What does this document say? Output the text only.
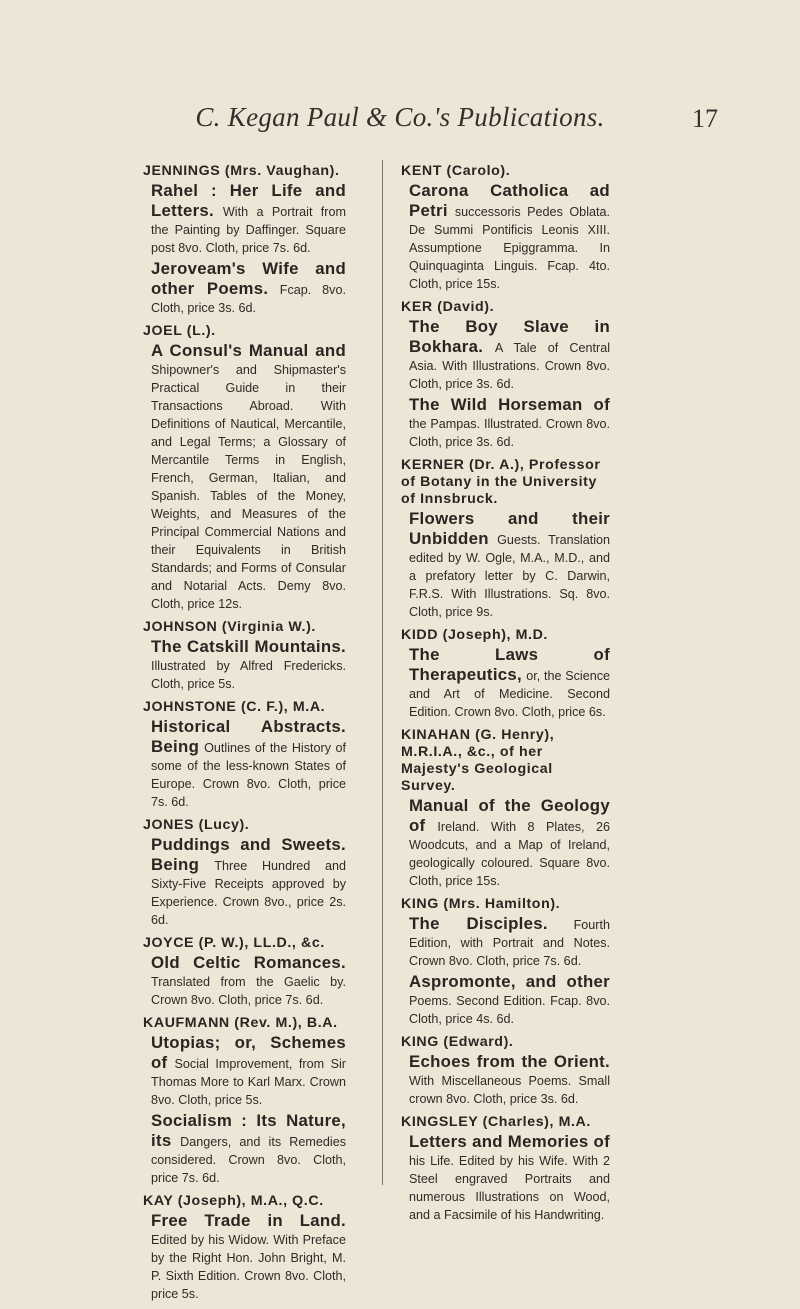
C. Kegan Paul & Co.'s Publications.	17
JENNINGS (Mrs. Vaughan).

Rahel : Her Life and Letters. With a Portrait from the Painting by Daffinger. Square post 8vo. Cloth, price 7s. 6d.

Jeroveam's Wife and other Poems. Fcap. 8vo. Cloth, price 3s. 6d.

JOEL (L.).

A Consul's Manual and Shipowner's and Shipmaster's Practical Guide in their Transactions Abroad. With Definitions of Nautical, Mercantile, and Legal Terms; a Glossary of Mercantile Terms in English, French, German, Italian, and Spanish. Tables of the Money, Weights, and Measures of the Principal Commercial Nations and their Equivalents in British Standards; and Forms of Consular and Notarial Acts. Demy 8vo. Cloth, price 12s.

JOHNSON (Virginia W.).

The Catskill Mountains. Illustrated by Alfred Fredericks. Cloth, price 5s.

JOHNSTONE (C. F.), M.A.

Historical Abstracts. Being Outlines of the History of some of the less-known States of Europe. Crown 8vo. Cloth, price 7s. 6d.

JONES (Lucy).

Puddings and Sweets. Being Three Hundred and Sixty-Five Receipts approved by Experience. Crown 8vo., price 2s. 6d.

JOYCE (P. W.), LL.D., &c.

Old Celtic Romances. Translated from the Gaelic by. Crown 8vo. Cloth, price 7s. 6d.

KAUFMANN (Rev. M.), B.A.

Utopias; or, Schemes of Social Improvement, from Sir Thomas More to Karl Marx. Crown 8vo. Cloth, price 5s.

Socialism : Its Nature, its Dangers, and its Remedies considered. Crown 8vo. Cloth, price 7s. 6d.

KAY (Joseph), M.A., Q.C.

Free Trade in Land. Edited by his Widow. With Preface by the Right Hon. John Bright, M. P. Sixth Edition. Crown 8vo. Cloth, price 5s.

KENT (Carolo).

Carona Catholica ad Petri successoris Pedes Oblata. De Summi Pontificis Leonis XIII. Assumptione Epiggramma. In Quinquaginta Linguis. Fcap. 4to. Cloth, price 15s.

KER (David).

The Boy Slave in Bokhara. A Tale of Central Asia. With Illustrations. Crown 8vo. Cloth, price 3s. 6d.

The Wild Horseman of the Pampas. Illustrated. Crown 8vo. Cloth, price 3s. 6d.

KERNER (Dr. A.), Professor of Botany in the University of Innsbruck.

Flowers and their Unbidden Guests. Translation edited by W. Ogle, M.A., M.D., and a prefatory letter by C. Darwin, F.R.S. With Illustrations. Sq. 8vo. Cloth, price 9s.

KIDD (Joseph), M.D.

The Laws of Therapeutics, or, the Science and Art of Medicine. Second Edition. Crown 8vo. Cloth, price 6s.

KINAHAN (G. Henry), M.R.I.A., &c., of her Majesty's Geological Survey.

Manual of the Geology of Ireland. With 8 Plates, 26 Woodcuts, and a Map of Ireland, geologically coloured. Square 8vo. Cloth, price 15s.

KING (Mrs. Hamilton).

The Disciples. Fourth Edition, with Portrait and Notes. Crown 8vo. Cloth, price 7s. 6d.

Aspromonte, and other Poems. Second Edition. Fcap. 8vo. Cloth, price 4s. 6d.

KING (Edward).

Echoes from the Orient. With Miscellaneous Poems. Small crown 8vo. Cloth, price 3s. 6d.

KINGSLEY (Charles), M.A.

Letters and Memories of his Life. Edited by his Wife. With 2 Steel engraved Portraits and numerous Illustrations on Wood, and a Facsimile of his Handwriting.
